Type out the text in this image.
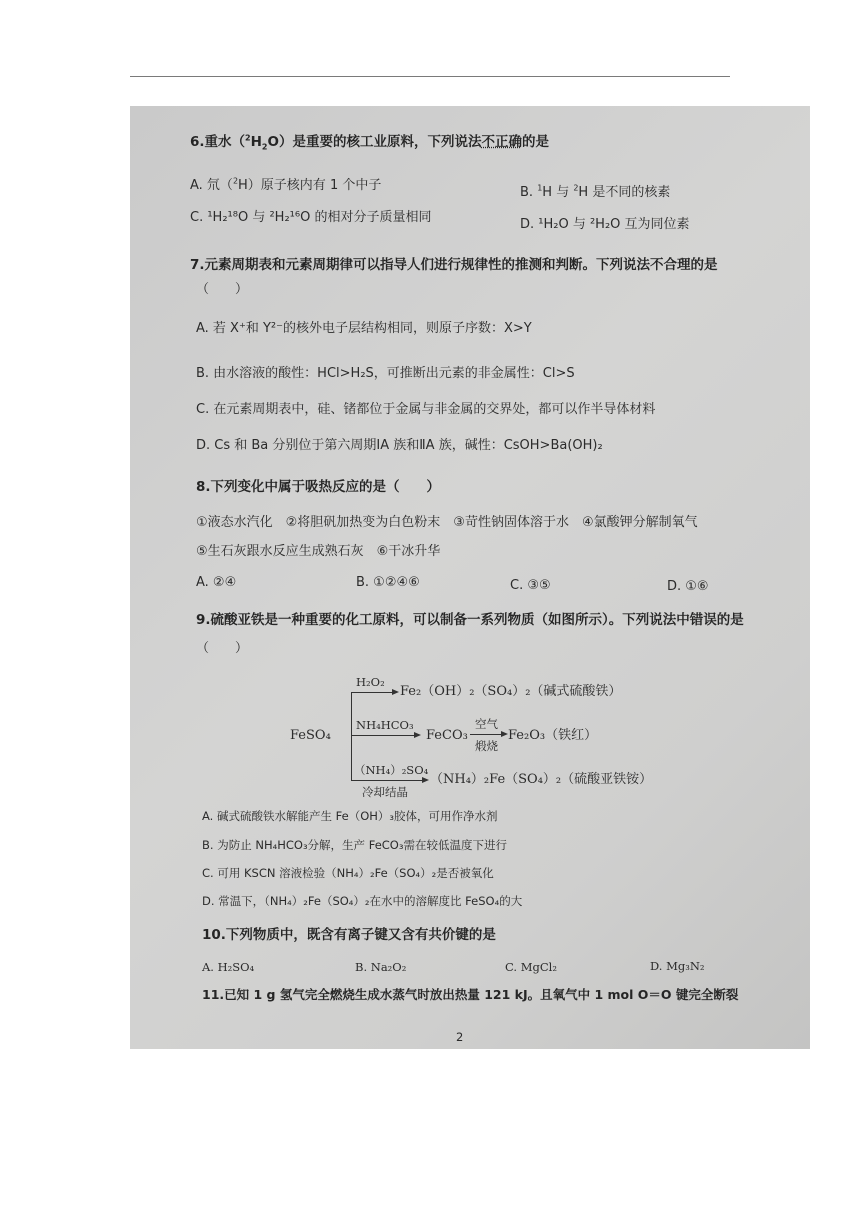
6.重水$(^2H_2O)$是重要的核工业原料，下列说法不正确的是
A. 氘（$^2$H）原子核内有 1 个中子	B. $^1$H 与 $^2$H 是不同的核素
C. ¹H₂¹⁸O 与 ²H₂¹⁶O 的相对分子质量相同	D. ¹H₂O 与 ²H₂O 互为同位素
7.元素周期表和元素周期律可以指导人们进行规律性的推测和判断。下列说法不合理的是
（　　）
A. 若 X⁺和 Y²⁻的核外电子层结构相同，则原子序数：X>Y
B. 由水溶液的酸性：HCl>H₂S，可推断出元素的非金属性：Cl>S
C. 在元素周期表中，硅、锗都位于金属与非金属的交界处，都可以作半导体材料
D. Cs 和 Ba 分别位于第六周期ⅠA 族和ⅡA 族，碱性：CsOH>Ba(OH)₂
8.下列变化中属于吸热反应的是（　　）
①液态水汽化　②将胆矾加热变为白色粉末　③苛性钠固体溶于水　④氯酸钾分解制氧气
⑤生石灰跟水反应生成熟石灰　⑥干冰升华
A. ②④	B. ①②④⑥	C. ③⑤	D. ①⑥
9.硫酸亚铁是一种重要的化工原料，可以制备一系列物质（如图所示）。下列说法中错误的是
（　　）
FeSO₄
H₂O₂
Fe₂（OH）₂（SO₄）₂（碱式硫酸铁）
NH₄HCO₃
FeCO₃
空气
煅烧
Fe₂O₃（铁红）
（NH₄）₂SO₄
冷却结晶
（NH₄）₂Fe（SO₄）₂（硫酸亚铁铵）
A. 碱式硫酸铁水解能产生 Fe（OH）₃胶体，可用作净水剂
B. 为防止 NH₄HCO₃分解，生产 FeCO₃需在较低温度下进行
C. 可用 KSCN 溶液检验（NH₄）₂Fe（SO₄）₂是否被氧化
D. 常温下，（NH₄）₂Fe（SO₄）₂在水中的溶解度比 FeSO₄的大
10.下列物质中，既含有离子键又含有共价键的是
A. H₂SO₄	B. Na₂O₂	C. MgCl₂	D. Mg₃N₂
11.已知 1 g 氢气完全燃烧生成水蒸气时放出热量 121 kJ。且氧气中 1 mol O＝O 键完全断裂
2
